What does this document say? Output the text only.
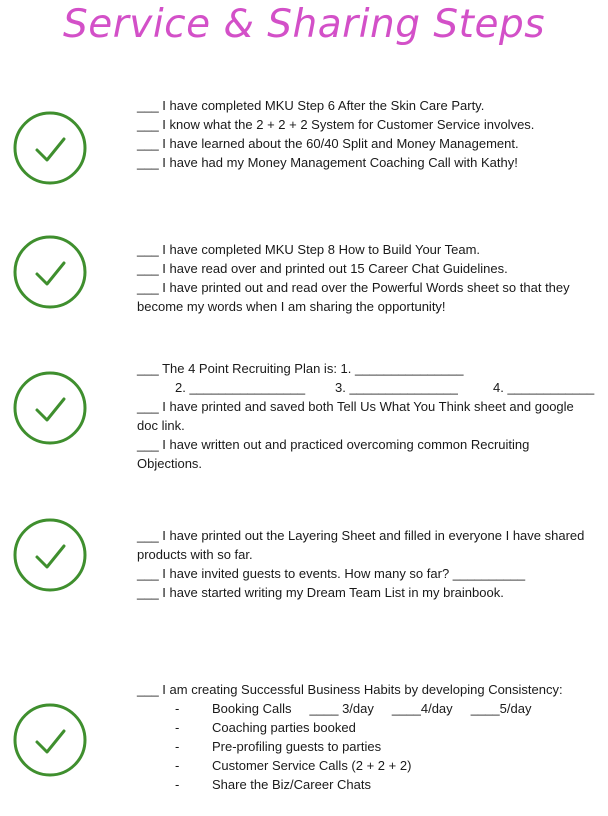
Service & Sharing Steps
___ I have completed MKU Step 6 After the Skin Care Party.
___ I know what the 2 + 2 + 2 System for Customer Service involves.
___ I have learned about the 60/40 Split and Money Management.
___ I have had my Money Management Coaching Call with Kathy!
___ I have completed MKU Step 8 How to Build Your Team.
___ I have read over and printed out 15 Career Chat Guidelines.
___ I have printed out and read over the Powerful Words sheet so that they become my words when I am sharing the opportunity!
___ The 4 Point Recruiting Plan is: 1. _______________
2. ________________	3. _______________	4. ____________
___ I have printed and saved both Tell Us What You Think sheet and google doc link.
___ I have written out and practiced overcoming common Recruiting Objections.
___ I have printed out the Layering Sheet and filled in everyone I have shared products with so far.
___ I have invited guests to events. How many so far? __________
___ I have started writing my Dream Team List in my brainbook.
___ I am creating Successful Business Habits by developing Consistency:
-	Booking Calls     ____ 3/day     ____4/day     ____5/day
-	Coaching parties booked
-	Pre-profiling guests to parties
-	Customer Service Calls (2 + 2 + 2)
-	Share the Biz/Career Chats
